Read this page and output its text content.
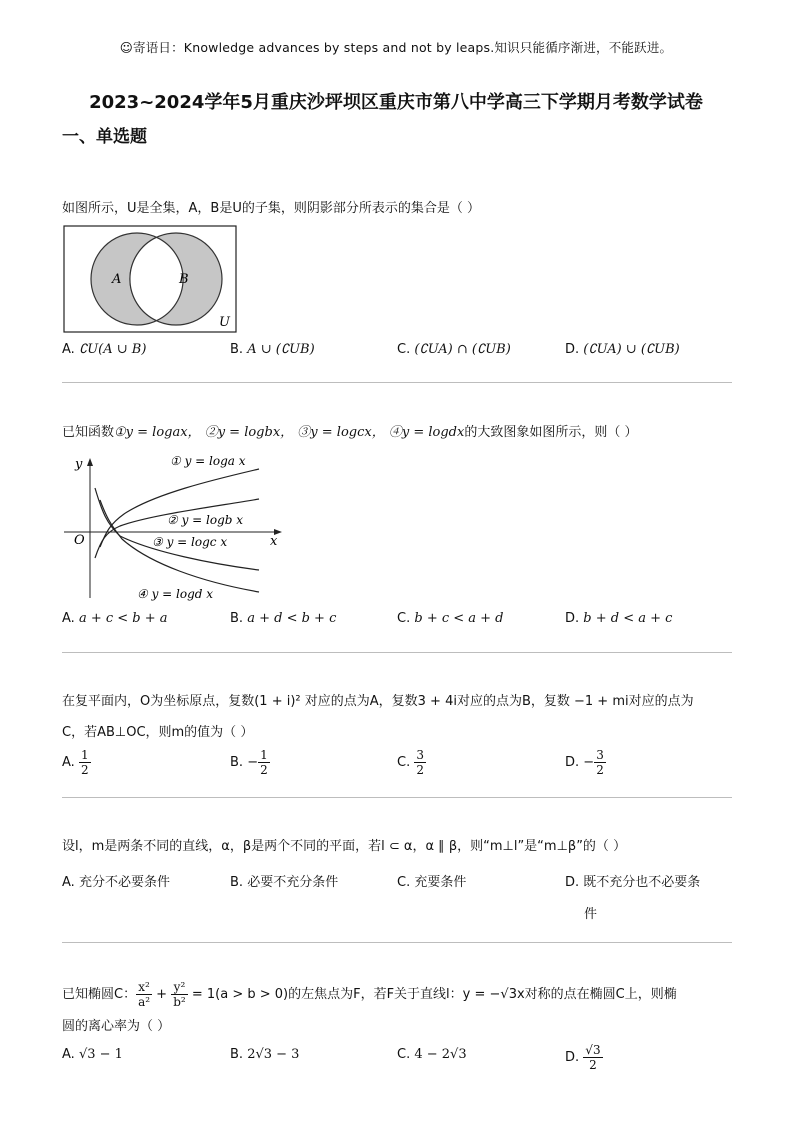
☺寄语日：Knowledge advances by steps and not by leaps.知识只能循序渐进，不能跃进。
2023~2024学年5月重庆沙坪坝区重庆市第八中学高三下学期月考数学试卷
一、单选题
如图所示，U是全集，A，B是U的子集，则阴影部分所表示的集合是（ ）
A	B
U
A. ∁U(A ∪ B)	B. A ∪ (∁UB)	C. (∁UA) ∩ (∁UB)	D. (∁UA) ∪ (∁UB)
已知函数①y = logax， ②y = logbx， ③y = logcx， ④y = logdx的大致图象如图所示，则（ ）
y
x
O
① y = loga x
② y = logb x
③ y = logc x
④ y = logd x
A. a + c < b + a	B. a + d < b + c	C. b + c < a + d	D. b + d < a + c
在复平面内，O为坐标原点，复数(1 + i)² 对应的点为A，复数3 + 4i对应的点为B，复数 −1 + mi对应的点为
C，若AB⊥OC，则m的值为（ ）
A. $\frac{1}{2}$	B. − $\frac{1}{2}$	C. $\frac{3}{2}$	D. − $\frac{3}{2}$
设l，m是两条不同的直线，α，β是两个不同的平面，若l ⊂ α，α ∥ β，则“m⊥l”是“m⊥β”的（ ）
A. 充分不必要条件	B. 必要不充分条件	C. 充要条件	D. 既不充分也不必要条
件
已知椭圆C： $\frac{\text{x²}}{\text{a²}} + \frac{\text{y²}}{\text{b²}} = 1(a > b > 0)$的左焦点为F，若F关于直线l：y = −√3x对称的点在椭圆C上，则椭
圆的离心率为（ ）
A. √3 − 1	B. 2√3 − 3	C. 4 − 2√3	D. $\frac{√3}{2}$
